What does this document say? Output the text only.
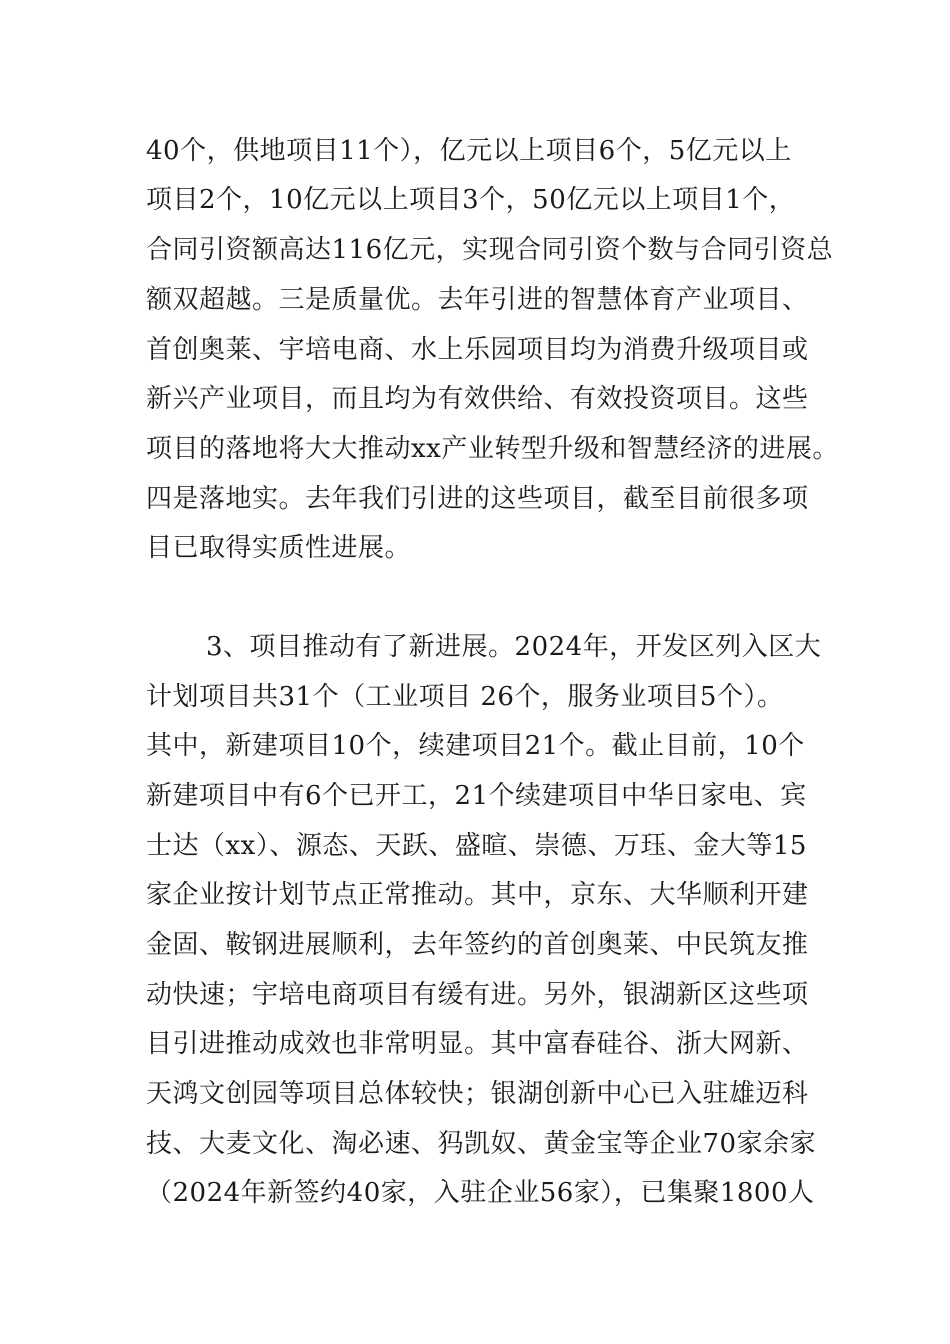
40个，供地项目11个），亿元以上项目6个，5亿元以上
项目2个，10亿元以上项目3个，50亿元以上项目1个，
合同引资额高达116亿元，实现合同引资个数与合同引资总
额双超越。三是质量优。去年引进的智慧体育产业项目、
首创奥莱、宇培电商、水上乐园项目均为消费升级项目或
新兴产业项目，而且均为有效供给、有效投资项目。这些
项目的落地将大大推动xx产业转型升级和智慧经济的进展。
四是落地实。去年我们引进的这些项目，截至目前很多项
目已取得实质性进展。
3、项目推动有了新进展。2024年，开发区列入区大
计划项目共31个（工业项目 26个，服务业项目5个）。
其中，新建项目10个，续建项目21个。截止目前，10个
新建项目中有6个已开工，21个续建项目中华日家电、宾
士达（xx）、源态、天跃、盛暄、崇德、万珏、金大等15
家企业按计划节点正常推动。其中，京东、大华顺利开建
金固、鞍钢进展顺利，去年签约的首创奥莱、中民筑友推
动快速；宇培电商项目有缓有进。另外，银湖新区这些项
目引进推动成效也非常明显。其中富春硅谷、浙大网新、
天鸿文创园等项目总体较快；银湖创新中心已入驻雄迈科
技、大麦文化、淘必速、犸凯奴、黄金宝等企业70家余家
（2024年新签约40家，入驻企业56家），已集聚1800人
